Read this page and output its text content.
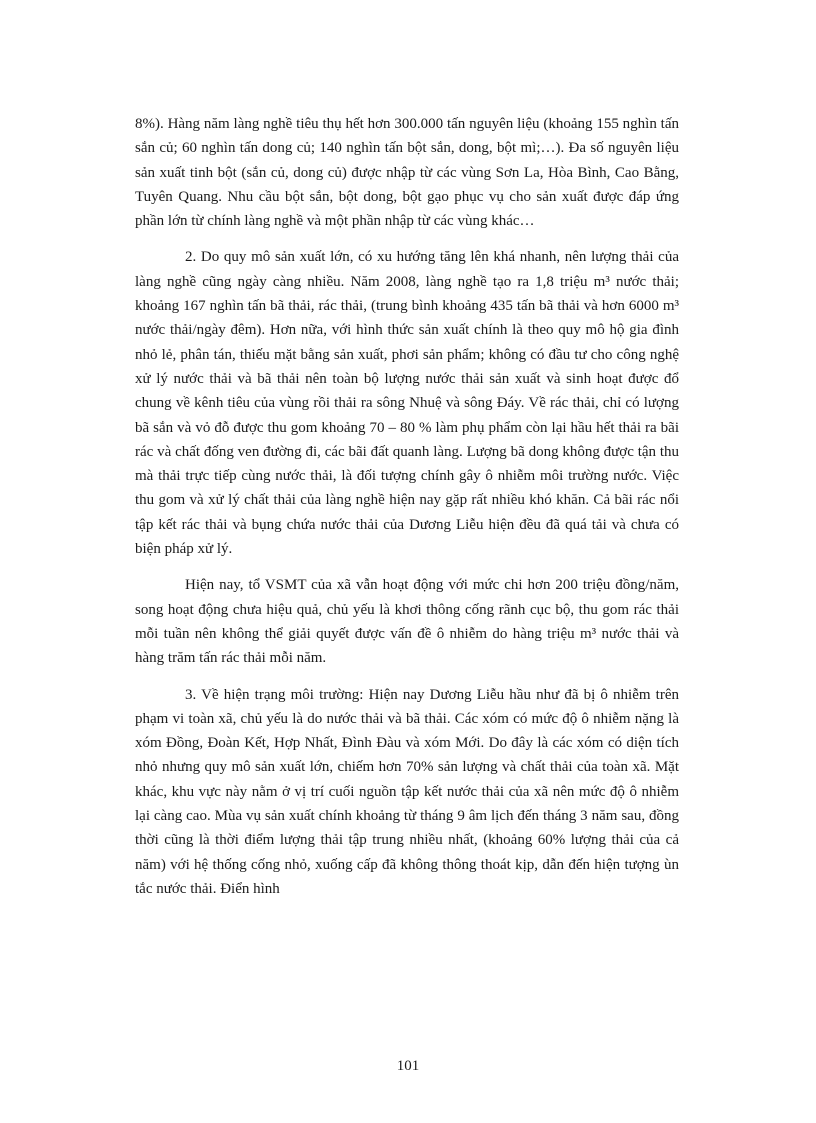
8%). Hàng năm làng nghề tiêu thụ hết hơn 300.000 tấn nguyên liệu (khoảng 155 nghìn tấn sắn củ; 60 nghìn tấn dong củ; 140 nghìn tấn bột sắn, dong, bột mì;…). Đa số nguyên liệu sản xuất tinh bột (sắn củ, dong củ) được nhập từ các vùng Sơn La, Hòa Bình, Cao Bằng, Tuyên Quang. Nhu cầu bột sắn, bột dong, bột gạo phục vụ cho sản xuất được đáp ứng phần lớn từ chính làng nghề và một phần nhập từ các vùng khác…

2. Do quy mô sản xuất lớn, có xu hướng tăng lên khá nhanh, nên lượng thải của làng nghề cũng ngày càng nhiều. Năm 2008, làng nghề tạo ra 1,8 triệu m³ nước thải; khoảng 167 nghìn tấn bã thải, rác thải, (trung bình khoảng 435 tấn bã thải và hơn 6000 m³ nước thải/ngày đêm). Hơn nữa, với hình thức sản xuất chính là theo quy mô hộ gia đình nhỏ lẻ, phân tán, thiếu mặt bằng sản xuất, phơi sản phẩm; không có đầu tư cho công nghệ xử lý nước thải và bã thải nên toàn bộ lượng nước thải sản xuất và sinh hoạt được đổ chung về kênh tiêu của vùng rồi thải ra sông Nhuệ và sông Đáy. Về rác thải, chỉ có lượng bã sắn và vỏ đỗ được thu gom khoảng 70 – 80 % làm phụ phẩm còn lại hầu hết thải ra bãi rác và chất đống ven đường đi, các bãi đất quanh làng. Lượng bã dong không được tận thu mà thải trực tiếp cùng nước thải, là đối tượng chính gây ô nhiễm môi trường nước. Việc thu gom và xử lý chất thải của làng nghề hiện nay gặp rất nhiều khó khăn. Cả bãi rác nổi tập kết rác thải và bụng chứa nước thải của Dương Liễu hiện đều đã quá tải và chưa có biện pháp xử lý.

Hiện nay, tổ VSMT của xã vẫn hoạt động với mức chi hơn 200 triệu đồng/năm, song hoạt động chưa hiệu quả, chủ yếu là khơi thông cống rãnh cục bộ, thu gom rác thải mỗi tuần nên không thể giải quyết được vấn đề ô nhiễm do hàng triệu m³ nước thải và hàng trăm tấn rác thải mỗi năm.

3. Về hiện trạng môi trường: Hiện nay Dương Liễu hầu như đã bị ô nhiễm trên phạm vi toàn xã, chủ yếu là do nước thải và bã thải. Các xóm có mức độ ô nhiễm nặng là xóm Đồng, Đoàn Kết, Hợp Nhất, Đình Đàu và xóm Mới. Do đây là các xóm có diện tích nhỏ nhưng quy mô sản xuất lớn, chiếm hơn 70% sản lượng và chất thải của toàn xã. Mặt khác, khu vực này nằm ở vị trí cuối nguồn tập kết nước thải của xã nên mức độ ô nhiễm lại càng cao. Mùa vụ sản xuất chính khoảng từ tháng 9 âm lịch đến tháng 3 năm sau, đồng thời cũng là thời điểm lượng thải tập trung nhiều nhất, (khoảng 60% lượng thải của cả năm) với hệ thống cống nhỏ, xuống cấp đã không thông thoát kịp, dẫn đến hiện tượng ùn tắc nước thải. Điển hình

101
